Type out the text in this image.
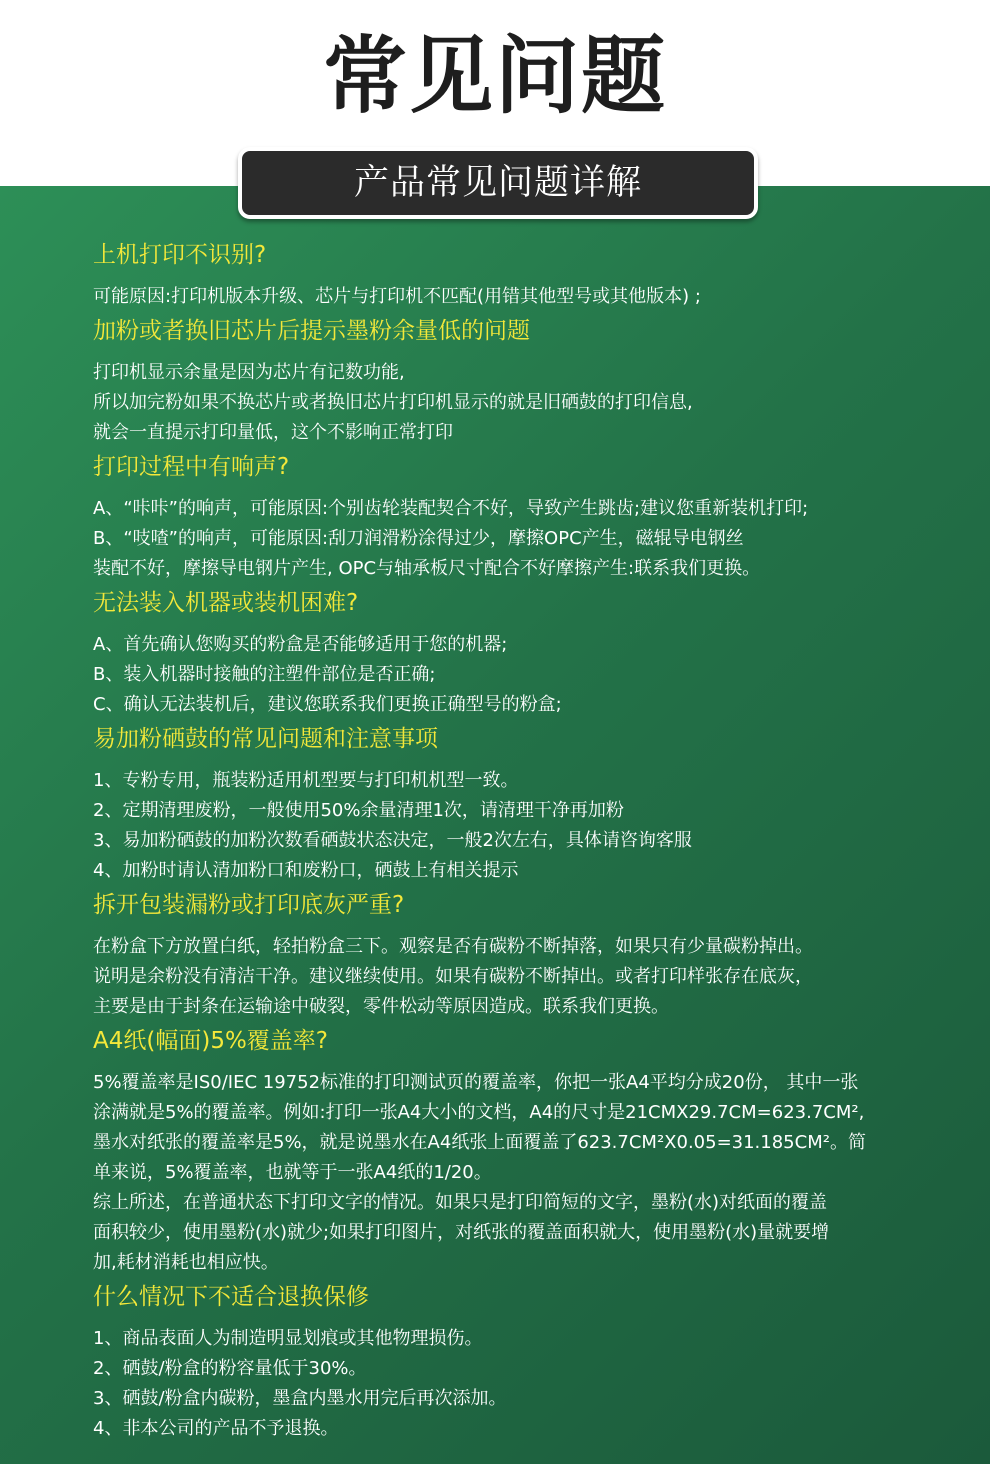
常见问题
产品常见问题详解
上机打印不识别?
可能原因:打印机版本升级、芯片与打印机不匹配(用错其他型号或其他版本) ;
加粉或者换旧芯片后提示墨粉余量低的问题
打印机显示余量是因为芯片有记数功能,
所以加完粉如果不换芯片或者换旧芯片打印机显示的就是旧硒鼓的打印信息,
就会一直提示打印量低，这个不影响正常打印
打印过程中有响声?
A、“咔咔”的响声，可能原因:个别齿轮装配契合不好，导致产生跳齿;建议您重新装机打印;
B、“吱喳”的响声，可能原因:刮刀润滑粉涂得过少，摩擦OPC产生，磁辊导电钢丝
装配不好，摩擦导电钢片产生, OPC与轴承板尺寸配合不好摩擦产生:联系我们更换。
无法装入机器或装机困难?
A、首先确认您购买的粉盒是否能够适用于您的机器;
B、装入机器时接触的注塑件部位是否正确;
C、确认无法装机后，建议您联系我们更换正确型号的粉盒;
易加粉硒鼓的常见问题和注意事项
1、专粉专用，瓶装粉适用机型要与打印机机型一致。
2、定期清理废粉，一般使用50%余量清理1次，请清理干净再加粉
3、易加粉硒鼓的加粉次数看硒鼓状态决定，一般2次左右，具体请咨询客服
4、加粉时请认清加粉口和废粉口，硒鼓上有相关提示
拆开包装漏粉或打印底灰严重?
在粉盒下方放置白纸，轻拍粉盒三下。观察是否有碳粉不断掉落，如果只有少量碳粉掉出。
说明是余粉没有清洁干净。建议继续使用。如果有碳粉不断掉出。或者打印样张存在底灰，
主要是由于封条在运输途中破裂，零件松动等原因造成。联系我们更换。
A4纸(幅面)5%覆盖率?
5%覆盖率是IS0/IEC 19752标准的打印测试页的覆盖率，你把一张A4平均分成20份， 其中一张
涂满就是5%的覆盖率。例如:打印一张A4大小的文档，A4的尺寸是21CMX29.7CM=623.7CM²,
墨水对纸张的覆盖率是5%，就是说墨水在A4纸张上面覆盖了623.7CM²X0.05=31.185CM²。简
单来说，5%覆盖率，也就等于一张A4纸的1/20。
综上所述，在普通状态下打印文字的情况。如果只是打印简短的文字，墨粉(水)对纸面的覆盖
面积较少，使用墨粉(水)就少;如果打印图片，对纸张的覆盖面积就大，使用墨粉(水)量就要增
加,耗材消耗也相应快。
什么情况下不适合退换保修
1、商品表面人为制造明显划痕或其他物理损伤。
2、硒鼓/粉盒的粉容量低于30%。
3、硒鼓/粉盒内碳粉，墨盒内墨水用完后再次添加。
4、非本公司的产品不予退换。
